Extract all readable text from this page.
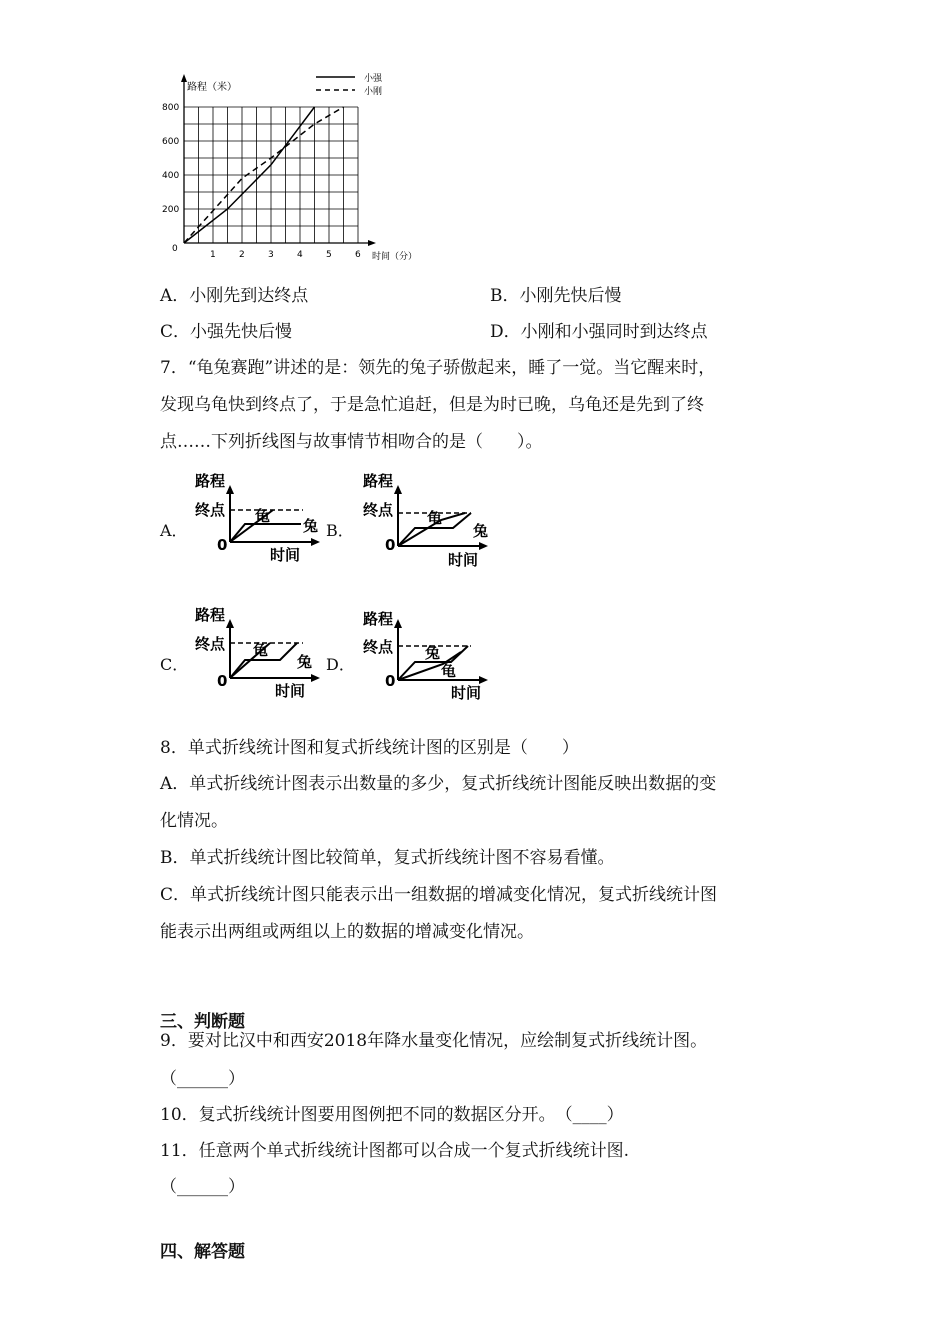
0
1	2	3	4	5	6
200
400
600
800
小强
小刚
路程（米）
时间（分）
A．小刚先到达终点	B．小刚先快后慢
C．小强先快后慢	D．小刚和小强同时到达终点
7．“龟兔赛跑”讲述的是：领先的兔子骄傲起来，睡了一觉。当它醒来时，
发现乌龟快到终点了，于是急忙追赶，但是为时已晚，乌龟还是先到了终
点……下列折线图与故事情节相吻合的是（　　）。
A．	B．
C．	D．
路程
终点
0
时间
龟
兔
路程
终点
0
时间
龟
兔
路程
终点
0
时间
龟
兔
路程
终点
0
时间
兔
龟
8．单式折线统计图和复式折线统计图的区别是（　　）
A．单式折线统计图表示出数量的多少，复式折线统计图能反映出数据的变
化情况。
B．单式折线统计图比较简单，复式折线统计图不容易看懂。
C．单式折线统计图只能表示出一组数据的增减变化情况，复式折线统计图
能表示出两组或两组以上的数据的增减变化情况。
三、判断题
9．要对比汉中和西安2018年降水量变化情况，应绘制复式折线统计图。
（______）
10．复式折线统计图要用图例把不同的数据区分开。　（____）
11．任意两个单式折线统计图都可以合成一个复式折线统计图.
（______）
四、解答题
